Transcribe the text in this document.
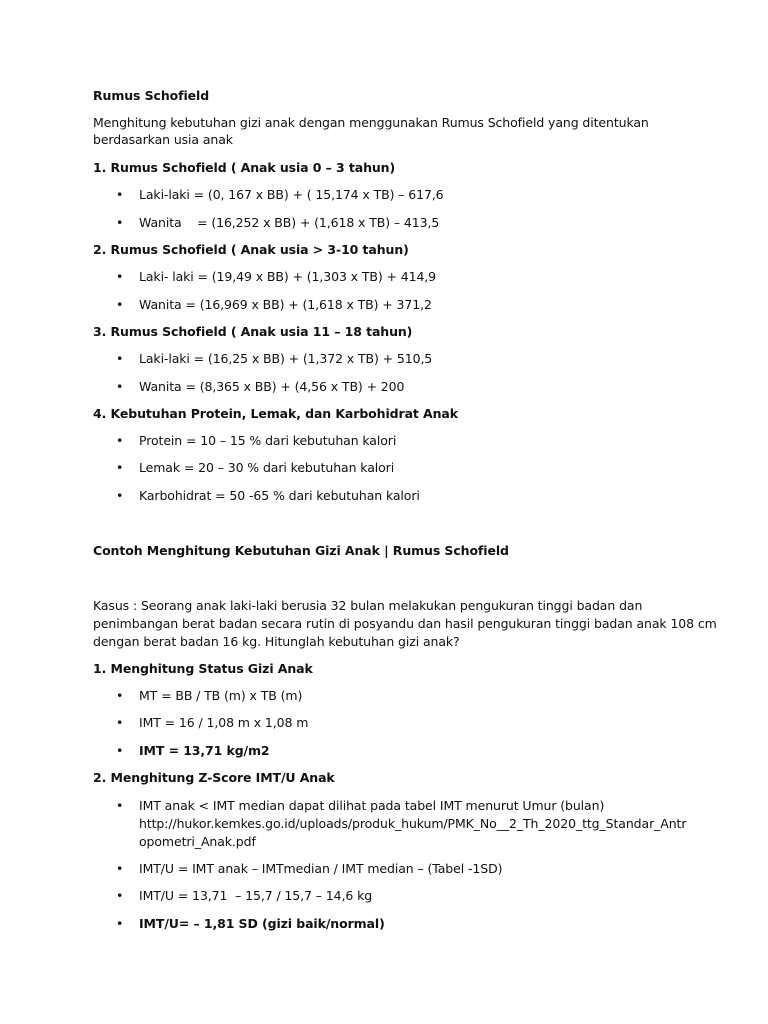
Rumus Schofield
Menghitung kebutuhan gizi anak dengan menggunakan Rumus Schofield yang ditentukan
berdasarkan usia anak
1. Rumus Schofield ( Anak usia 0 – 3 tahun)
• Laki-laki = (0, 167 x BB) + ( 15,174 x TB) – 617,6
• Wanita    = (16,252 x BB) + (1,618 x TB) – 413,5
2. Rumus Schofield ( Anak usia > 3-10 tahun)
• Laki- laki = (19,49 x BB) + (1,303 x TB) + 414,9
• Wanita = (16,969 x BB) + (1,618 x TB) + 371,2
3. Rumus Schofield ( Anak usia 11 – 18 tahun)
• Laki-laki = (16,25 x BB) + (1,372 x TB) + 510,5
• Wanita = (8,365 x BB) + (4,56 x TB) + 200
4. Kebutuhan Protein, Lemak, dan Karbohidrat Anak
• Protein = 10 – 15 % dari kebutuhan kalori
• Lemak = 20 – 30 % dari kebutuhan kalori
• Karbohidrat = 50 -65 % dari kebutuhan kalori
Contoh Menghitung Kebutuhan Gizi Anak | Rumus Schofield
Kasus : Seorang anak laki-laki berusia 32 bulan melakukan pengukuran tinggi badan dan
penimbangan berat badan secara rutin di posyandu dan hasil pengukuran tinggi badan anak 108 cm
dengan berat badan 16 kg. Hitunglah kebutuhan gizi anak?
1. Menghitung Status Gizi Anak
• MT = BB / TB (m) x TB (m)
• IMT = 16 / 1,08 m x 1,08 m
• IMT = 13,71 kg/m2
2. Menghitung Z-Score IMT/U Anak
• IMT anak < IMT median dapat dilihat pada tabel IMT menurut Umur (bulan)
http://hukor.kemkes.go.id/uploads/produk_hukum/PMK_No__2_Th_2020_ttg_Standar_Antr
opometri_Anak.pdf
• IMT/U = IMT anak – IMTmedian / IMT median – (Tabel -1SD)
• IMT/U = 13,71  – 15,7 / 15,7 – 14,6 kg
• IMT/U= – 1,81 SD (gizi baik/normal)
